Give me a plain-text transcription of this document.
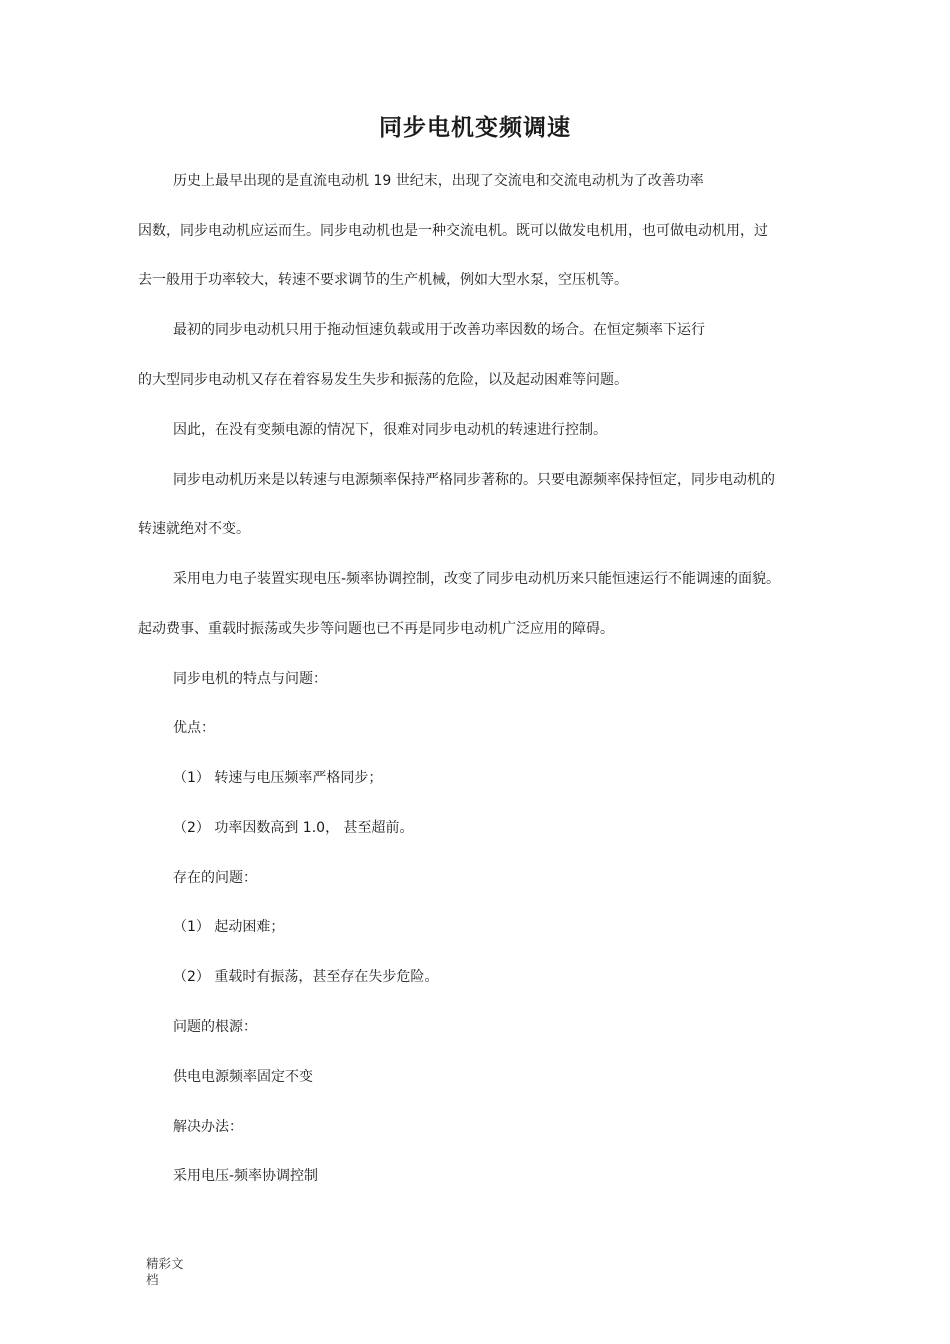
同步电机变频调速
历史上最早出现的是直流电动机 19 世纪末，出现了交流电和交流电动机为了改善功率
因数，同步电动机应运而生。同步电动机也是一种交流电机。既可以做发电机用，也可做电动机用，过
去一般用于功率较大，转速不要求调节的生产机械，例如大型水泵，空压机等。
最初的同步电动机只用于拖动恒速负载或用于改善功率因数的场合。在恒定频率下运行
的大型同步电动机又存在着容易发生失步和振荡的危险，以及起动困难等问题。
因此，在没有变频电源的情况下，很难对同步电动机的转速进行控制。
同步电动机历来是以转速与电源频率保持严格同步著称的。只要电源频率保持恒定，同步电动机的
转速就绝对不变。
采用电力电子装置实现电压-频率协调控制，改变了同步电动机历来只能恒速运行不能调速的面貌。
起动费事、重载时振荡或失步等问题也已不再是同步电动机广泛应用的障碍。
同步电机的特点与问题：
优点：
（1） 转速与电压频率严格同步；
（2） 功率因数高到 1.0， 甚至超前。
存在的问题：
（1） 起动困难；
（2） 重载时有振荡，甚至存在失步危险。
问题的根源：
供电电源频率固定不变
解决办法：
采用电压-频率协调控制
精彩文
档
